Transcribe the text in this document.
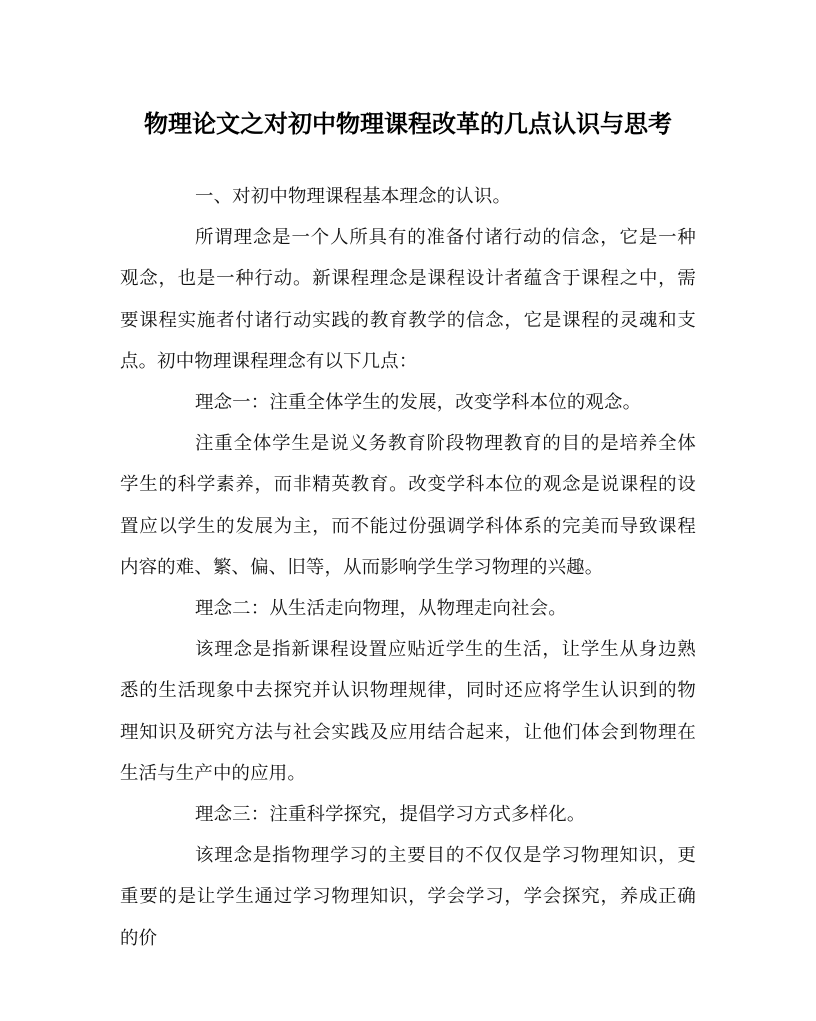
物理论文之对初中物理课程改革的几点认识与思考

一、对初中物理课程基本理念的认识。

所谓理念是一个人所具有的准备付诸行动的信念，它是一种观念，也是一种行动。新课程理念是课程设计者蕴含于课程之中，需要课程实施者付诸行动实践的教育教学的信念，它是课程的灵魂和支点。初中物理课程理念有以下几点：

理念一：注重全体学生的发展，改变学科本位的观念。

注重全体学生是说义务教育阶段物理教育的目的是培养全体学生的科学素养，而非精英教育。改变学科本位的观念是说课程的设置应以学生的发展为主，而不能过份强调学科体系的完美而导致课程内容的难、繁、偏、旧等，从而影响学生学习物理的兴趣。

理念二：从生活走向物理，从物理走向社会。

该理念是指新课程设置应贴近学生的生活，让学生从身边熟悉的生活现象中去探究并认识物理规律，同时还应将学生认识到的物理知识及研究方法与社会实践及应用结合起来，让他们体会到物理在生活与生产中的应用。

理念三：注重科学探究，提倡学习方式多样化。

该理念是指物理学习的主要目的不仅仅是学习物理知识，更重要的是让学生通过学习物理知识，学会学习，学会探究，养成正确的价
